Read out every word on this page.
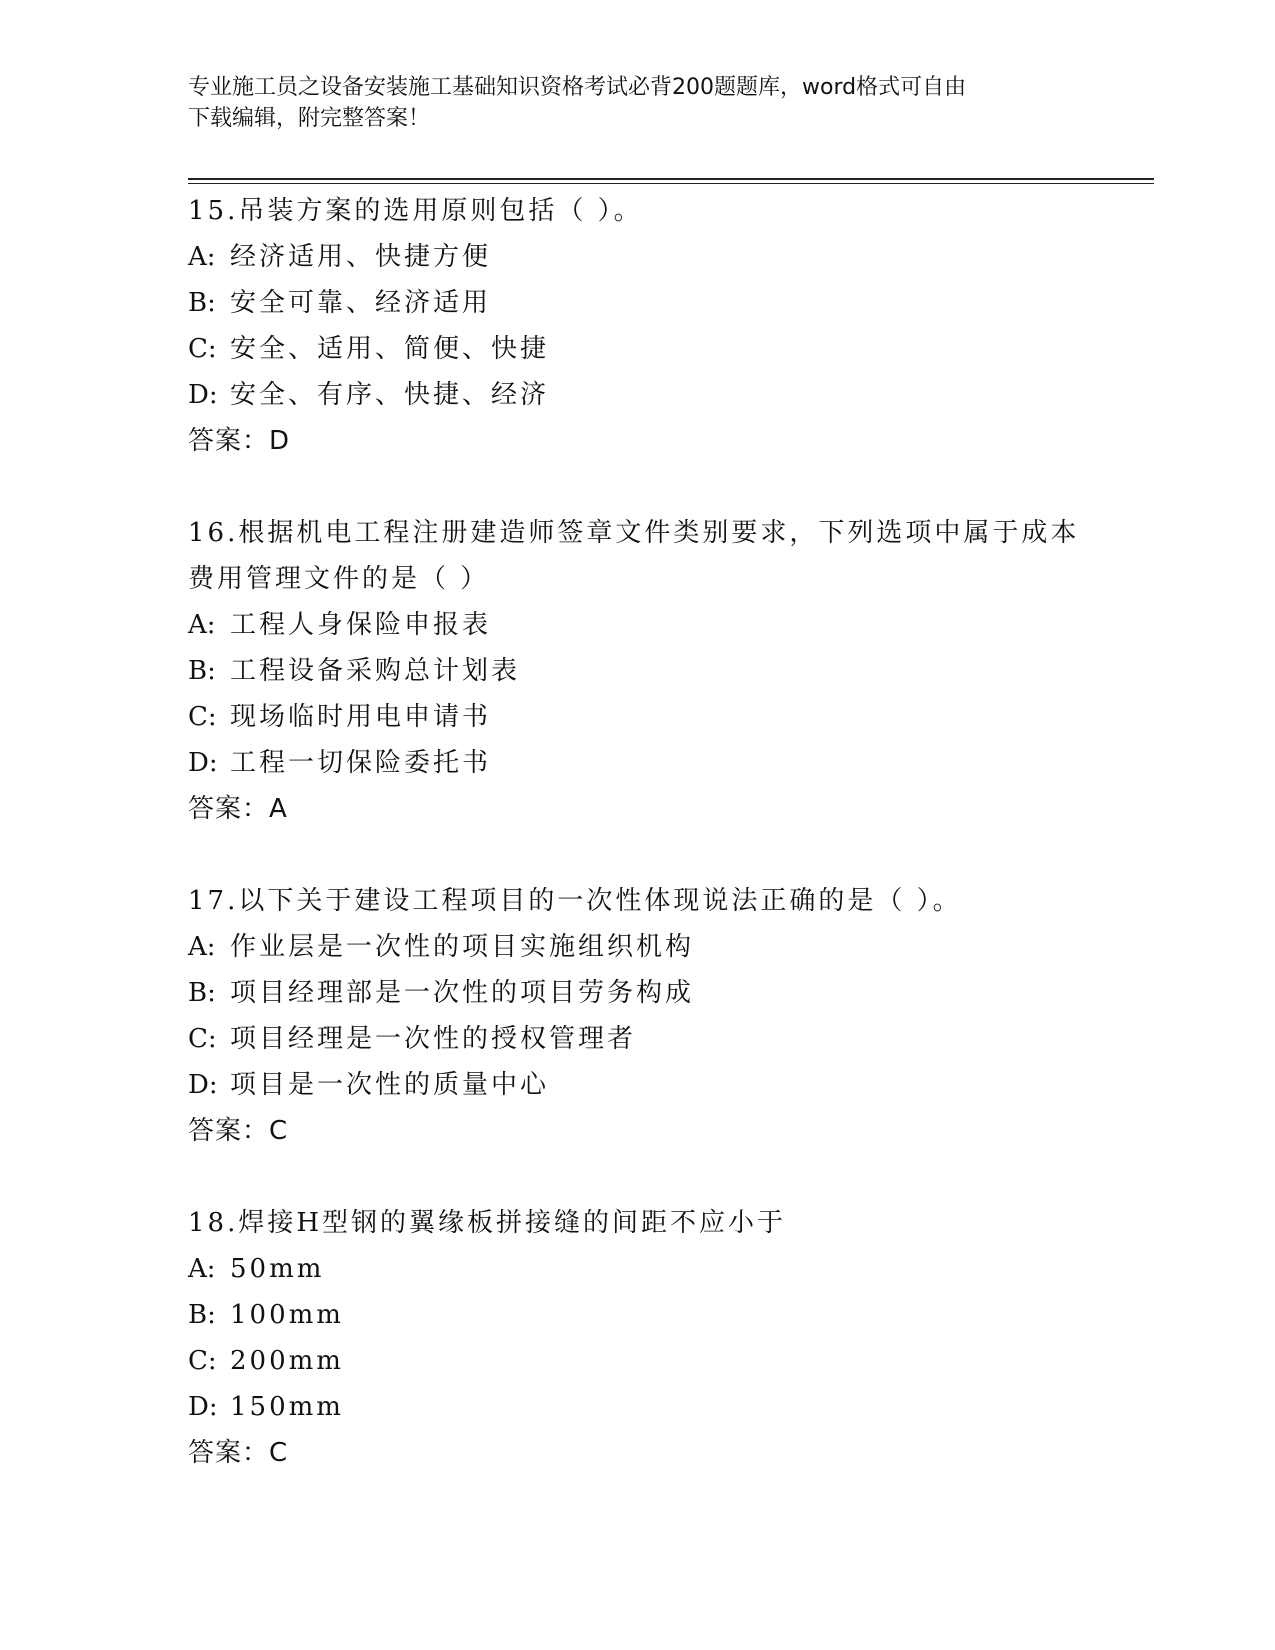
专业施工员之设备安装施工基础知识资格考试必背200题题库，word格式可自由
下载编辑，附完整答案！
15.吊装方案的选用原则包括（ ）。
A: 经济适用、快捷方便
B: 安全可靠、经济适用
C: 安全、适用、简便、快捷
D: 安全、有序、快捷、经济
答案：D
16.根据机电工程注册建造师签章文件类别要求，下列选项中属于成本费用管理文件的是（ ）
A: 工程人身保险申报表
B: 工程设备采购总计划表
C: 现场临时用电申请书
D: 工程一切保险委托书
答案：A
17.以下关于建设工程项目的一次性体现说法正确的是（ ）。
A: 作业层是一次性的项目实施组织机构
B: 项目经理部是一次性的项目劳务构成
C: 项目经理是一次性的授权管理者
D: 项目是一次性的质量中心
答案：C
18.焊接H型钢的翼缘板拼接缝的间距不应小于
A: 50mm
B: 100mm
C: 200mm
D: 150mm
答案：C
